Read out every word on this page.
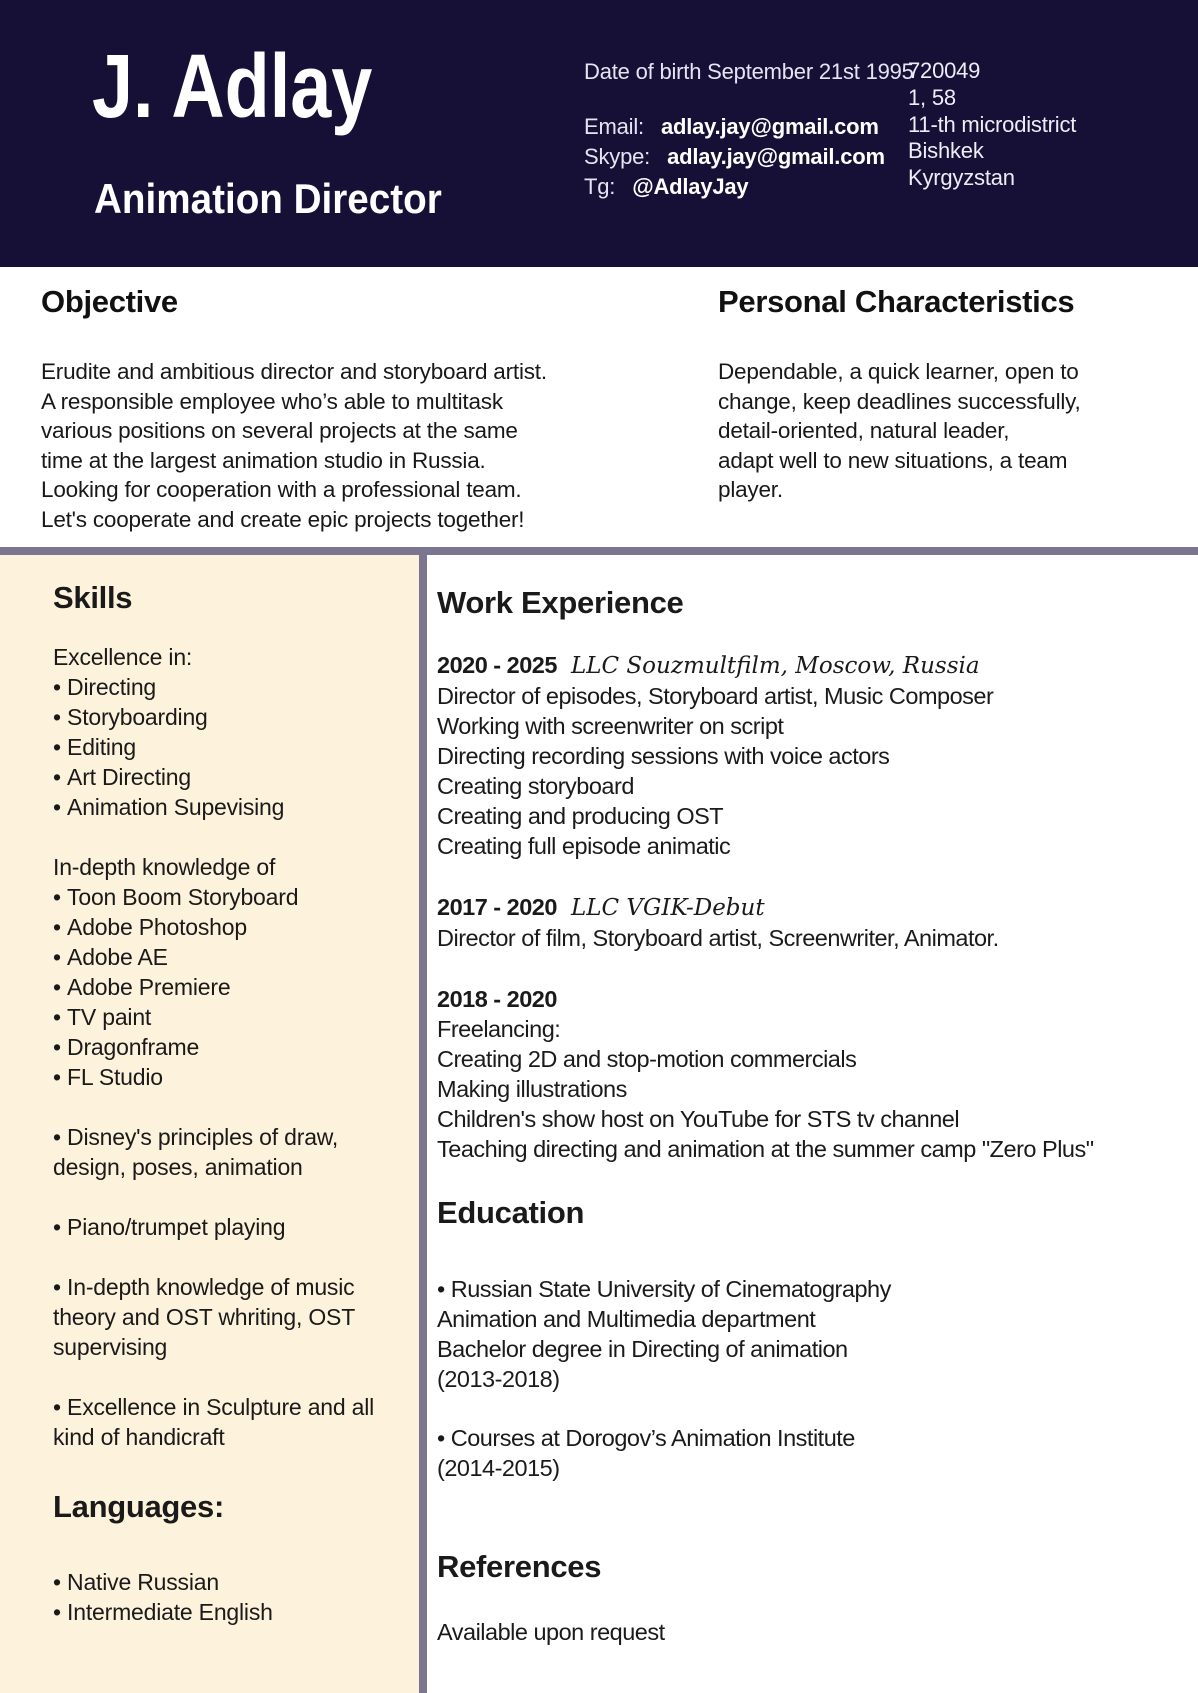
J. Adlay
Animation Director
Date of birth September 21st 1995
Email: adlay.jay@gmail.com
Skype: adlay.jay@gmail.com
Tg: @AdlayJay
720049
1, 58
11-th microdistrict
Bishkek
Kyrgyzstan
Objective
Erudite and ambitious director and storyboard artist.
A responsible employee who’s able to multitask
various positions on several projects at the same
time at the largest animation studio in Russia.
Looking for cooperation with a professional team.
Let's cooperate and create epic projects together!
Personal Characteristics
Dependable, a quick learner, open to
change, keep deadlines successfully,
detail-oriented, natural leader,
adapt well to new situations, a team
player.
Skills
Excellence in:
• Directing
• Storyboarding
• Editing
• Art Directing
• Animation Supevising
In-depth knowledge of
• Toon Boom Storyboard
• Adobe Photoshop
• Adobe AE
• Adobe Premiere
• TV paint
• Dragonframe
• FL Studio
• Disney's principles of draw,
design, poses, animation
• Piano/trumpet playing
• In-depth knowledge of music
theory and OST whriting, OST
supervising
• Excellence in Sculpture and all
kind of handicraft
Languages:
• Native Russian
• Intermediate English
Work Experience
2020 - 2025 LLC Souzmultfilm, Moscow, Russia
Director of episodes, Storyboard artist, Music Composer
Working with screenwriter on script
Directing recording sessions with voice actors
Creating storyboard
Creating and producing OST
Creating full episode animatic
2017 - 2020 LLC VGIK-Debut
Director of film, Storyboard artist, Screenwriter, Animator.
2018 - 2020
Freelancing:
Creating 2D and stop-motion commercials
Making illustrations
Children's show host on YouTube for STS tv channel
Teaching directing and animation at the summer camp "Zero Plus"
Education
• Russian State University of Cinematography
Animation and Multimedia department
Bachelor degree in Directing of animation
(2013-2018)
• Courses at Dorogov’s Animation Institute
(2014-2015)
References
Available upon request
